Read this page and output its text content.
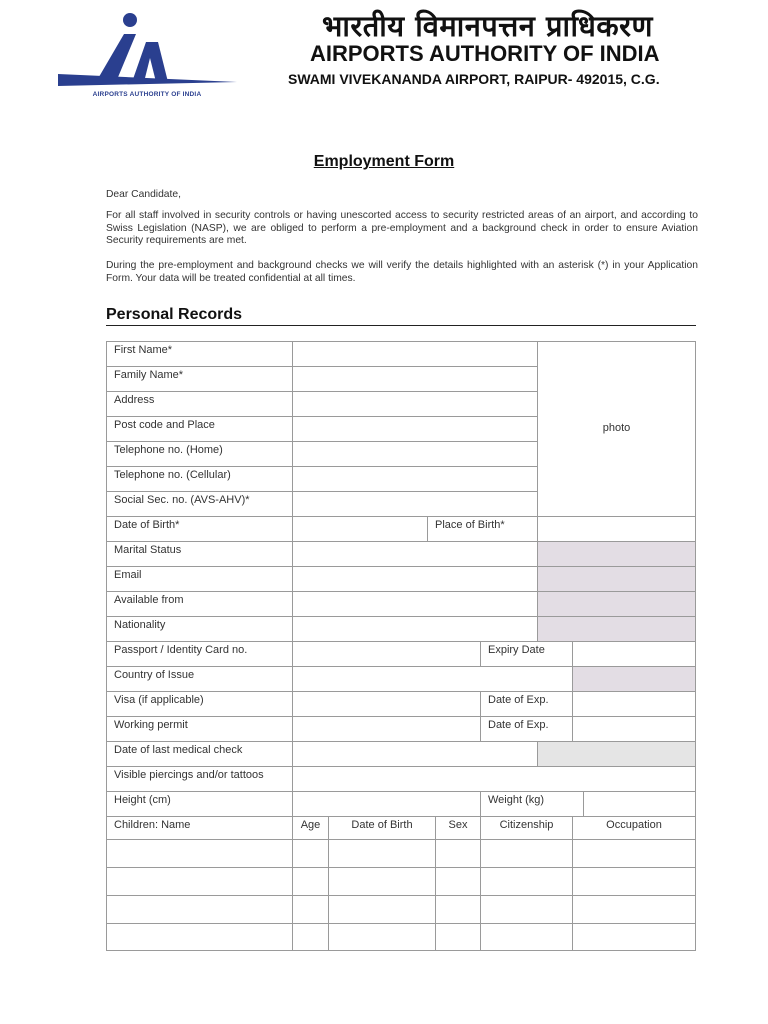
AIRPORTS AUTHORITY OF INDIA
भारतीय विमानपत्तन प्राधिकरण
AIRPORTS AUTHORITY OF INDIA
SWAMI VIVEKANANDA AIRPORT, RAIPUR- 492015, C.G.
Employment Form
Dear Candidate,
For all staff involved in security controls or having unescorted access to security restricted areas of an airport, and according to Swiss Legislation (NASP), we are obliged to perform a pre-employment and a background check in order to ensure Aviation Security requirements are met.
During the pre-employment and background checks we will verify the details highlighted with an asterisk (*) in your Application Form. Your data will be treated confidential at all times.
Personal Records
First Name*
Family Name*
Address
Post code and Place
Telephone no. (Home)
Telephone no. (Cellular)
Social Sec. no. (AVS-AHV)*
photo
Date of Birth*	Place of Birth*
Marital Status
Email
Available from
Nationality
Passport / Identity Card no.	Expiry Date
Country of Issue
Visa (if applicable)	Date of Exp.
Working permit	Date of Exp.
Date of last medical check
Visible piercings and/or tattoos
Height (cm)	Weight (kg)
Children: Name	Age	Date of Birth	Sex	Citizenship	Occupation
